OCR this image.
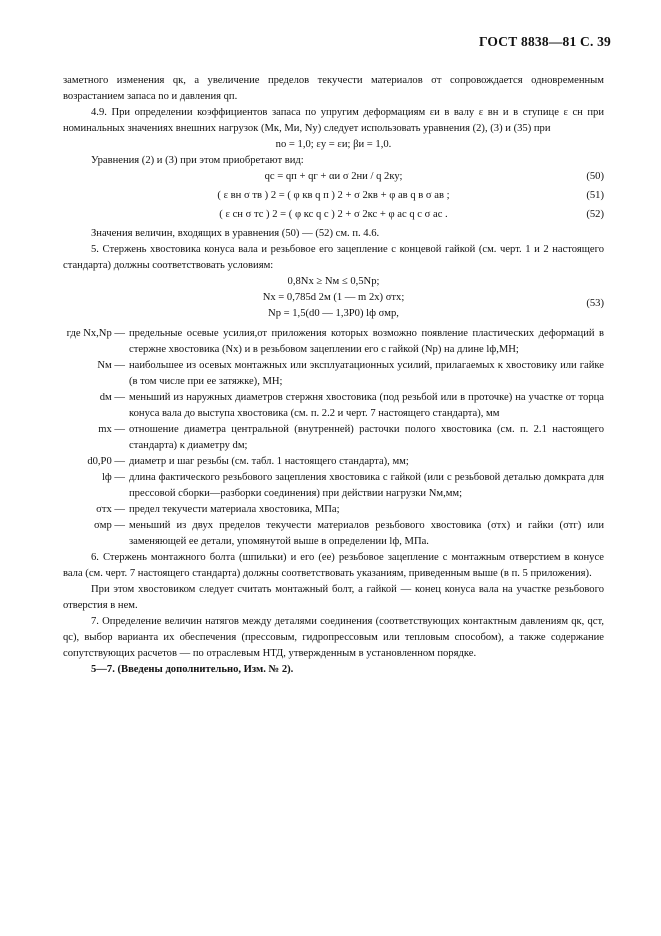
ГОСТ 8838—81 С. 39

заметного изменения qк, а увеличение пределов текучести материалов σт сопровождается одновременным возрастанием запаса nо и давления qп.

4.9. При определении коэффициентов запаса по упругим деформациям εи в валу ε вн и в ступице ε сн при номинальных значениях внешних нагрузок (Mк, Mи, Nу) следует использовать уравнения (2), (3) и (35) при

nо = 1,0; εу = εи; βи = 1,0.

Уравнения (2) и (3) при этом приобретают вид:

qс = qп + qг + αи σ 2ни / q 2ку;	(50)
( ε вн σ тв ) 2 = ( φ кв q п ) 2 + σ 2кв + φ ав q в σ ав ;	(51)
( ε сн σ тс ) 2 = ( φ кс q с ) 2 + σ 2кс + φ ас q с σ ас .	(52)

Значения величин, входящих в уравнения (50) — (52) см. п. 4.6.

5. Стержень хвостовика конуса вала и резьбовое его зацепление с концевой гайкой (см. черт. 1 и 2 настоящего стандарта) должны соответствовать условиям:

0,8Nх ≥ Nм ≤ 0,5Nр;

Nх = 0,785d 2м (1 — m 2х) σтх;

Nр = 1,5(d0 — 1,3P0) lф σмр,

(53)
где Nх,Nр — предельные осевые усилия,от приложения которых возможно появление пластических деформаций в стержне хвостовика (Nх) и в резьбовом зацеплении его с гайкой (Nр) на длине lф,МН;
Nм — наибольшее из осевых монтажных или эксплуатационных усилий, прилагаемых к хвостовику или гайке (в том числе при ее затяжке), МН;
dм — меньший из наружных диаметров стержня хвостовика (под резьбой или в проточке) на участке от торца конуса вала до выступа хвостовика (см. п. 2.2 и черт. 7 настоящего стандарта), мм
mх — отношение диаметра центральной (внутренней) расточки полого хвостовика (см. п. 2.1 настоящего стандарта) к диаметру dм;
d0,P0 — диаметр и шаг резьбы (см. табл. 1 настоящего стандарта), мм;
lф — длина фактического резьбового зацепления хвостовика с гайкой (или с резьбовой деталью домкрата для прессовой сборки—разборки соединения) при действии нагрузки Nм,мм;
σтх — предел текучести материала хвостовика, МПа;
σмр — меньший из двух пределов текучести материалов резьбового хвостовика (σтх) и гайки (σтг) или заменяющей ее детали, упомянутой выше в определении lф, МПа.

6. Стержень монтажного болта (шпильки) и его (ее) резьбовое зацепление с монтажным отверстием в конусе вала (см. черт. 7 настоящего стандарта) должны соответствовать указаниям, приведенным выше (в п. 5 приложения).

При этом хвостовиком следует считать монтажный болт, а гайкой — конец конуса вала на участке резьбового отверстия в нем.

7. Определение величин натягов между деталями соединения (соответствующих контактным давлениям qк, qст, qс), выбор варианта их обеспечения (прессовым, гидропрессовым или тепловым способом), а также содержание сопутствующих расчетов — по отраслевым НТД, утвержденным в установленном порядке.

5—7. (Введены дополнительно, Изм. № 2).
